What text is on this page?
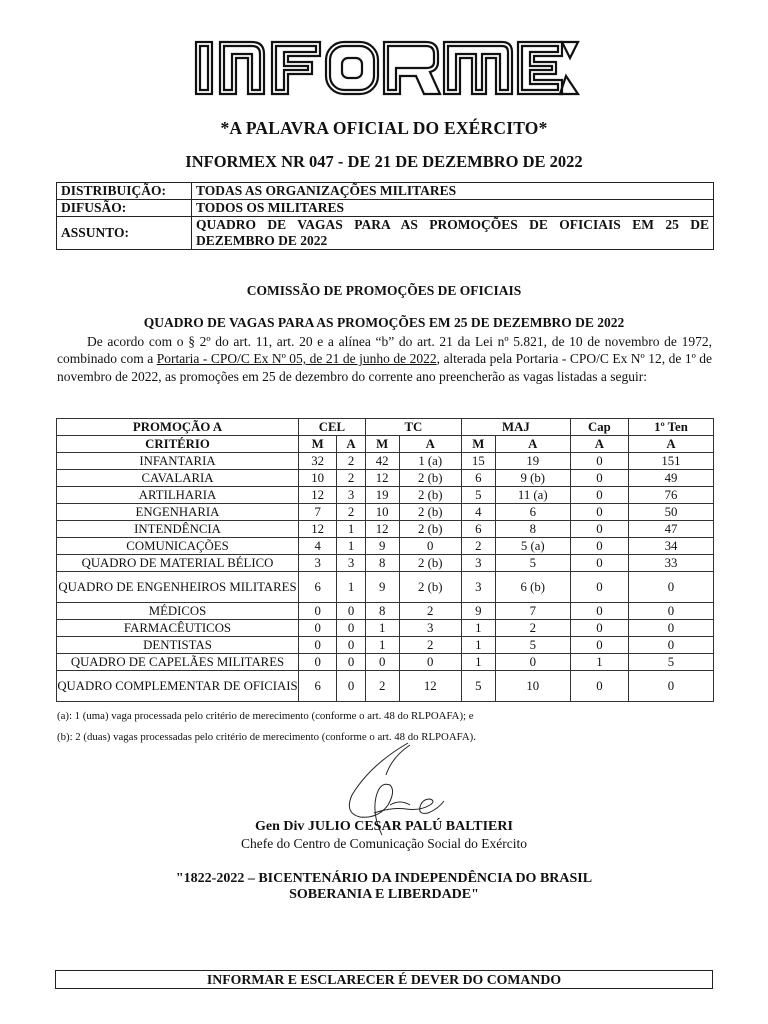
*A PALAVRA OFICIAL DO EXÉRCITO*
INFORMEX NR 047 - DE 21 DE DEZEMBRO DE 2022
DISTRIBUIÇÃO:	TODAS AS ORGANIZAÇÕES MILITARES
DIFUSÃO:	TODOS OS MILITARES
ASSUNTO:	QUADRO DE VAGAS PARA AS PROMOÇÕES DE OFICIAIS EM 25 DE DEZEMBRO DE 2022
COMISSÃO DE PROMOÇÕES DE OFICIAIS
QUADRO DE VAGAS PARA AS PROMOÇÕES EM 25 DE DEZEMBRO DE 2022
De acordo com o § 2º do art. 11, art. 20 e a alínea “b” do art. 21 da Lei nº 5.821, de 10 de novembro de 1972, combinado com a Portaria - CPO/C Ex Nº 05, de 21 de junho de 2022, alterada pela Portaria - CPO/C Ex Nº 12, de 1º de novembro de 2022, as promoções em 25 de dezembro do corrente ano preencherão as vagas listadas a seguir:
PROMOÇÃO A	CEL		TC		MAJ		Cap	1º Ten
CRITÉRIO	M	A	M	A	M	A	A	A
INFANTARIA	32	2	42	1 (a)	15	19	0	151
CAVALARIA	10	2	12	2 (b)	6	9 (b)	0	49
ARTILHARIA	12	3	19	2 (b)	5	11 (a)	0	76
ENGENHARIA	7	2	10	2 (b)	4	6	0	50
INTENDÊNCIA	12	1	12	2 (b)	6	8	0	47
COMUNICAÇÕES	4	1	9	0	2	5 (a)	0	34
QUADRO DE MATERIAL BÉLICO	3	3	8	2 (b)	3	5	0	33
QUADRO DE ENGENHEIROS MILITARES	6	1	9	2 (b)	3	6 (b)	0	0
MÉDICOS	0	0	8	2	9	7	0	0
FARMACÊUTICOS	0	0	1	3	1	2	0	0
DENTISTAS	0	0	1	2	1	5	0	0
QUADRO DE CAPELÃES MILITARES	0	0	0	0	1	0	1	5
QUADRO COMPLEMENTAR DE OFICIAIS	6	0	2	12	5	10	0	0
(a): 1 (uma) vaga processada pelo critério de merecimento (conforme o art. 48 do RLPOAFA); e
(b): 2 (duas) vagas processadas pelo critério de merecimento (conforme o art. 48 do RLPOAFA).
Gen Div JULIO CESAR PALÚ BALTIERI
Chefe do Centro de Comunicação Social do Exército
"1822-2022 – BICENTENÁRIO DA INDEPENDÊNCIA DO BRASIL
SOBERANIA E LIBERDADE"
INFORMAR E ESCLARECER É DEVER DO COMANDO
